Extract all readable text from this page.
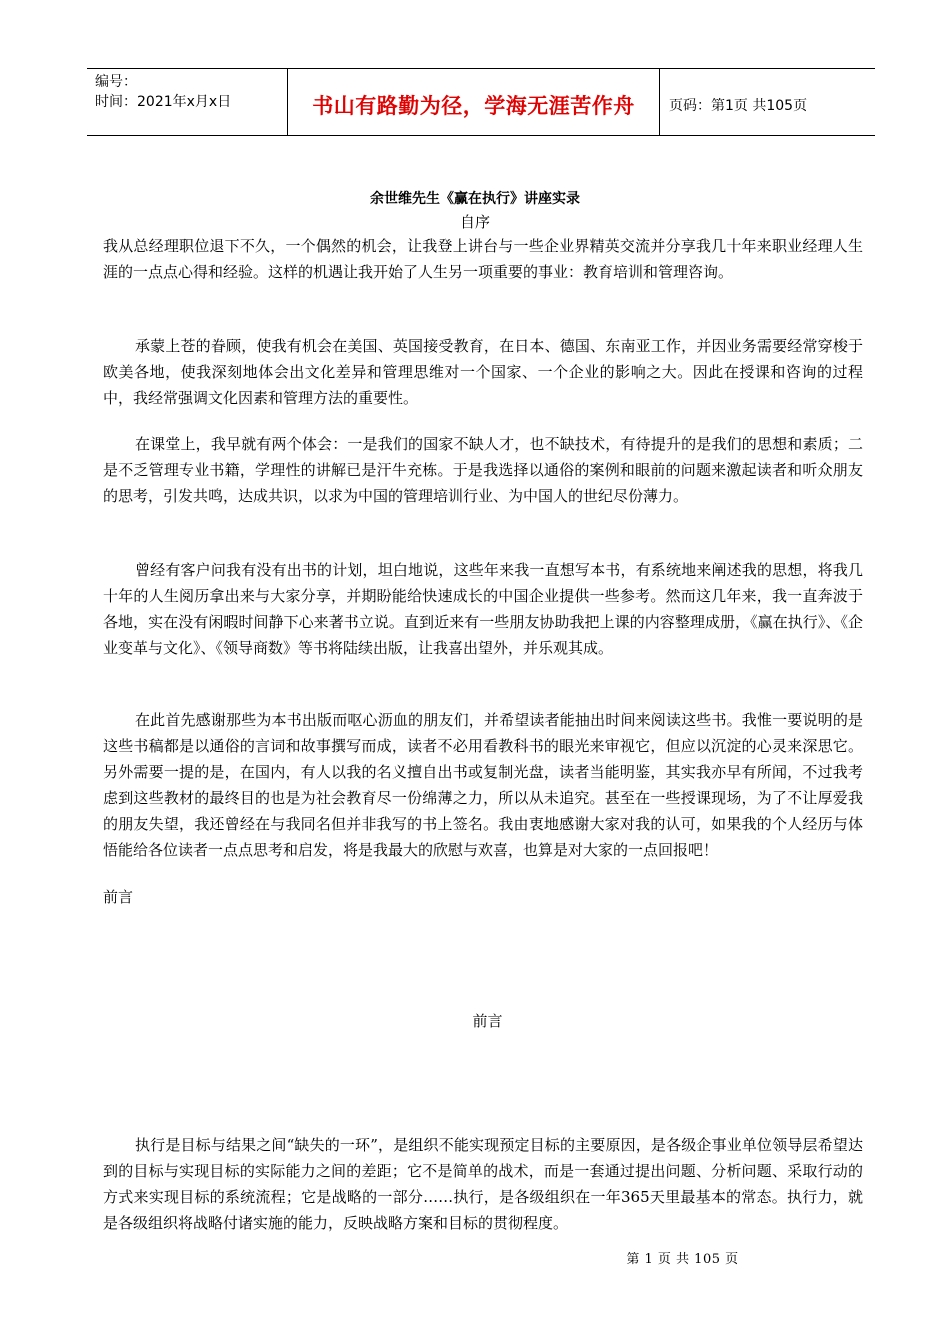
编号：
时间：2021年x月x日	书山有路勤为径，学海无涯苦作舟 页码：第1页 共105页
余世维先生《赢在执行》讲座实录
自序

我从总经理职位退下不久，一个偶然的机会，让我登上讲台与一些企业界精英交流并分享我几十年来职业经理人生涯的一点点心得和经验。这样的机遇让我开始了人生另一项重要的事业：教育培训和管理咨询。

承蒙上苍的眷顾，使我有机会在美国、英国接受教育，在日本、德国、东南亚工作，并因业务需要经常穿梭于欧美各地，使我深刻地体会出文化差异和管理思维对一个国家、一个企业的影响之大。因此在授课和咨询的过程中，我经常强调文化因素和管理方法的重要性。

在课堂上，我早就有两个体会：一是我们的国家不缺人才，也不缺技术，有待提升的是我们的思想和素质；二是不乏管理专业书籍，学理性的讲解已是汗牛充栋。于是我选择以通俗的案例和眼前的问题来激起读者和听众朋友的思考，引发共鸣，达成共识，以求为中国的管理培训行业、为中国人的世纪尽份薄力。

曾经有客户问我有没有出书的计划，坦白地说，这些年来我一直想写本书，有系统地来阐述我的思想，将我几十年的人生阅历拿出来与大家分享，并期盼能给快速成长的中国企业提供一些参考。然而这几年来，我一直奔波于各地，实在没有闲暇时间静下心来著书立说。直到近来有一些朋友协助我把上课的内容整理成册，《赢在执行》、《企业变革与文化》、《领导商数》等书将陆续出版，让我喜出望外，并乐观其成。

在此首先感谢那些为本书出版而呕心沥血的朋友们，并希望读者能抽出时间来阅读这些书。我惟一要说明的是这些书稿都是以通俗的言词和故事撰写而成，读者不必用看教科书的眼光来审视它，但应以沉淀的心灵来深思它。另外需要一提的是，在国内，有人以我的名义擅自出书或复制光盘，读者当能明鉴，其实我亦早有所闻，不过我考虑到这些教材的最终目的也是为社会教育尽一份绵薄之力，所以从未追究。甚至在一些授课现场，为了不让厚爱我的朋友失望，我还曾经在与我同名但并非我写的书上签名。我由衷地感谢大家对我的认可，如果我的个人经历与体悟能给各位读者一点点思考和启发，将是我最大的欣慰与欢喜，也算是对大家的一点回报吧！

前言

前言

执行是目标与结果之间“缺失的一环”，是组织不能实现预定目标的主要原因，是各级企事业单位领导层希望达到的目标与实现目标的实际能力之间的差距；它不是简单的战术，而是一套通过提出问题、分析问题、采取行动的方式来实现目标的系统流程；它是战略的一部分……执行，是各级组织在一年365天里最基本的常态。执行力，就是各级组织将战略付诸实施的能力，反映战略方案和目标的贯彻程度。

第 1 页 共 105 页
